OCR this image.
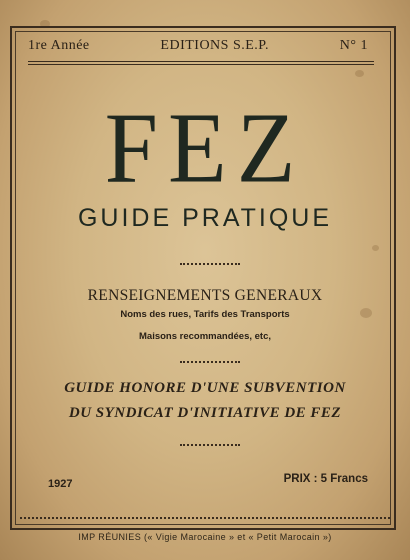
1re Année	EDITIONS S.E.P.	N° 1
FEZ
GUIDE PRATIQUE
RENSEIGNEMENTS GENERAUX
Noms des rues, Tarifs des Transports
Maisons recommandées, etc,
GUIDE HONORE D'UNE SUBVENTION
DU SYNDICAT D'INITIATIVE DE FEZ
1927	PRIX : 5 Francs
IMP RÉUNIES (« Vigie Marocaine » et « Petit Marocain »)
